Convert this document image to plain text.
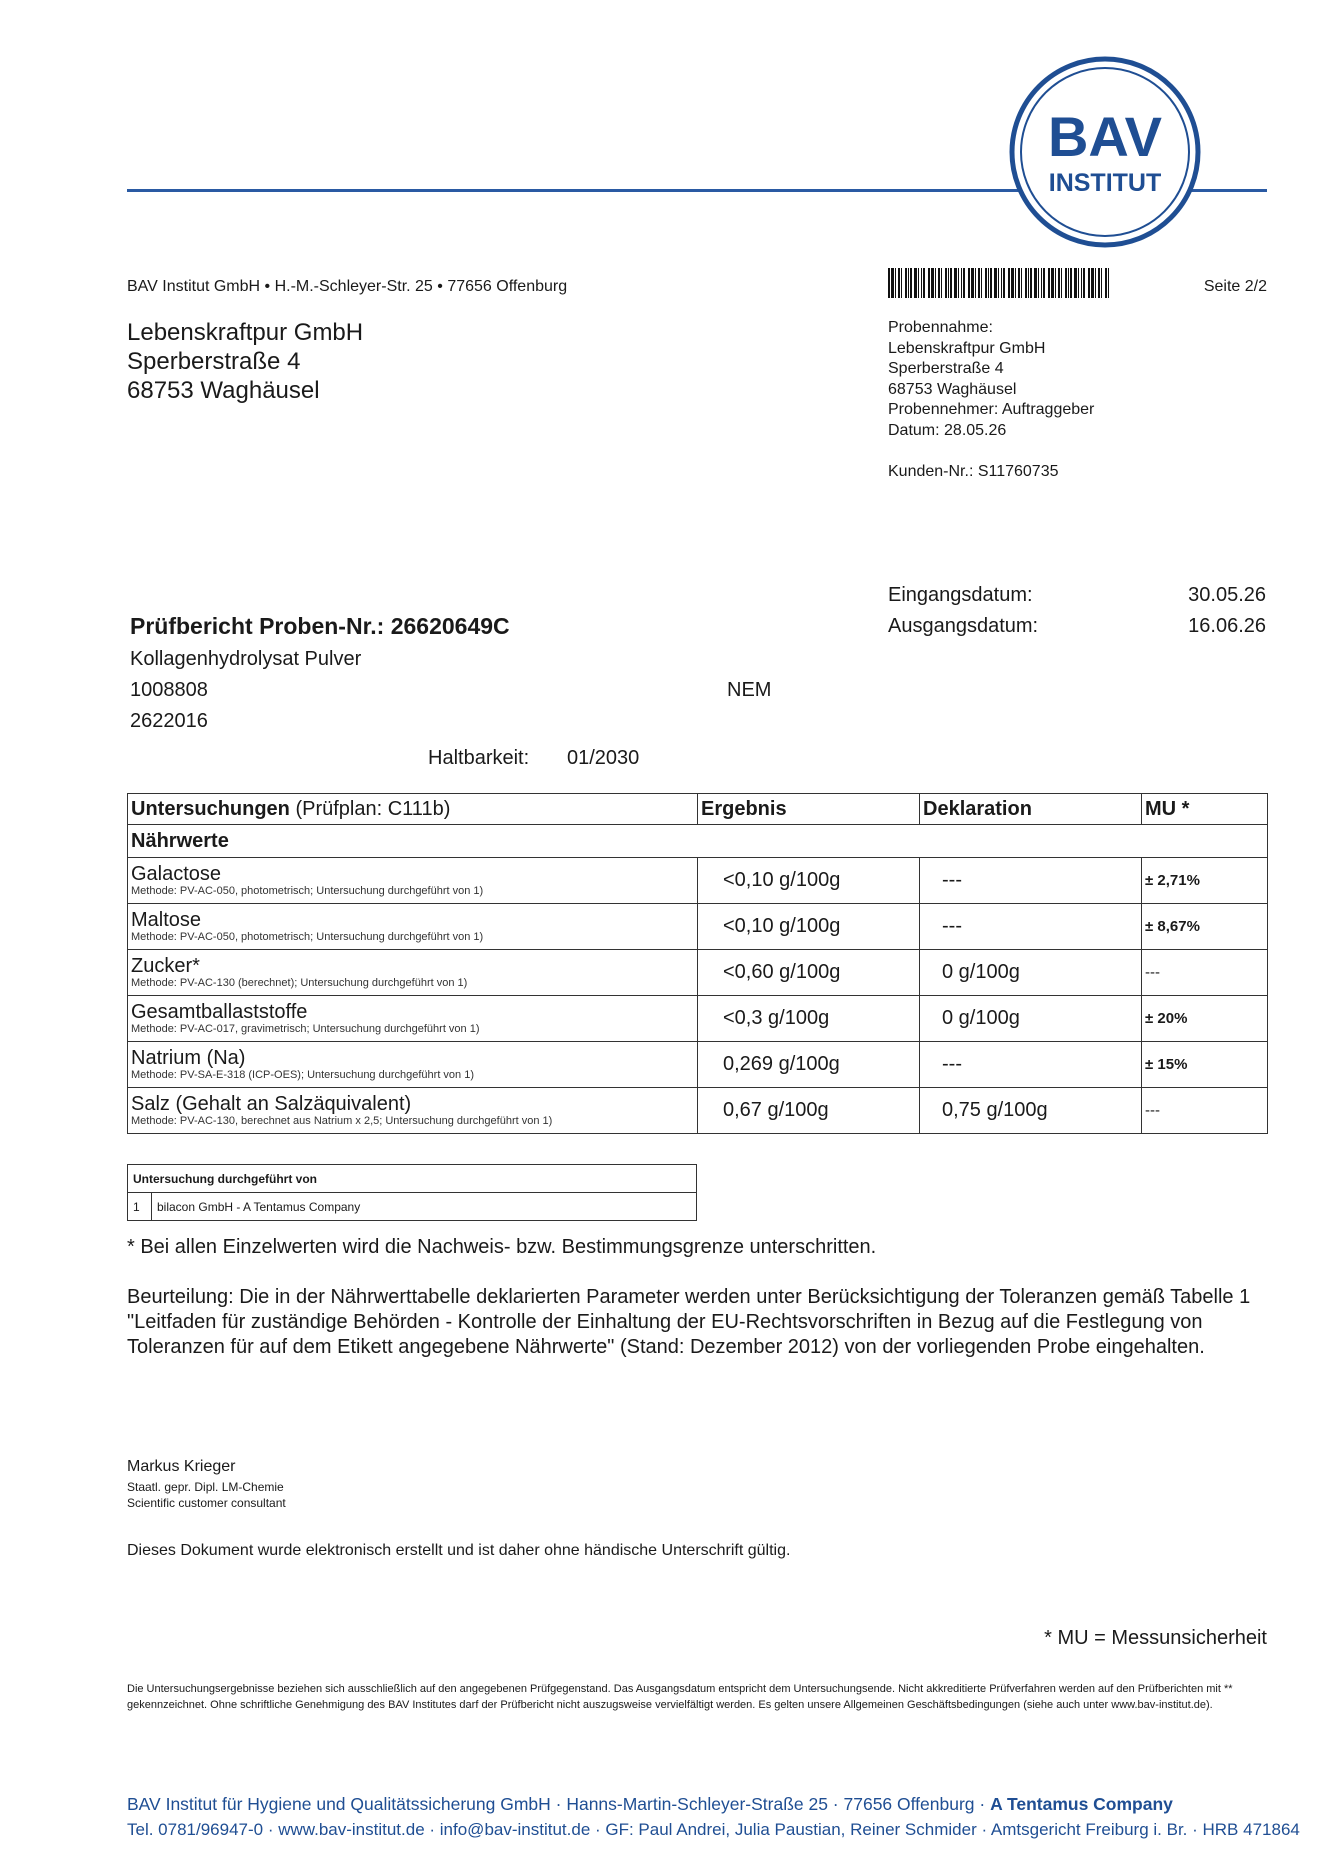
BAV
INSTITUT
BAV Institut GmbH • H.-M.-Schleyer-Str. 25 • 77656 Offenburg	Seite 2/2
Lebenskraftpur GmbH
Sperberstraße 4
68753 Waghäusel
Probennahme:
Lebenskraftpur GmbH
Sperberstraße 4
68753 Waghäusel
Probennehmer: Auftraggeber
Datum: 28.05.26
Kunden-Nr.: S11760735
Eingangsdatum:	30.05.26
Ausgangsdatum:	16.06.26
Prüfbericht Proben-Nr.: 26620649C
Kollagenhydrolysat Pulver
1008808	NEM
2622016
Haltbarkeit: 01/2030
Untersuchungen (Prüfplan: C111b)	Ergebnis	Deklaration	MU *
Nährwerte			

Galactose
Methode: PV-AC-050, photometrisch; Untersuchung durchgeführt von 1)	<0,10 g/100g	---	± 2,71%

Maltose
Methode: PV-AC-050, photometrisch; Untersuchung durchgeführt von 1)	<0,10 g/100g	---	± 8,67%

Zucker*
Methode: PV-AC-130 (berechnet); Untersuchung durchgeführt von 1)	<0,60 g/100g	0 g/100g	---

Gesamtballaststoffe
Methode: PV-AC-017, gravimetrisch; Untersuchung durchgeführt von 1)	<0,3 g/100g	0 g/100g	± 20%

Natrium (Na)
Methode: PV-SA-E-318 (ICP-OES); Untersuchung durchgeführt von 1)	0,269 g/100g	---	± 15%

Salz (Gehalt an Salzäquivalent)
Methode: PV-AC-130, berechnet aus Natrium x 2,5; Untersuchung durchgeführt von 1)	0,67 g/100g	0,75 g/100g	---
Untersuchung durchgeführt von
1	bilacon GmbH - A Tentamus Company
* Bei allen Einzelwerten wird die Nachweis- bzw. Bestimmungsgrenze unterschritten.
Beurteilung: Die in der Nährwerttabelle deklarierten Parameter werden unter Berücksichtigung der Toleranzen gemäß Tabelle 1 "Leitfaden für zuständige Behörden - Kontrolle der Einhaltung der EU-Rechtsvorschriften in Bezug auf die Festlegung von Toleranzen für auf dem Etikett angegebene Nährwerte" (Stand: Dezember 2012) von der vorliegenden Probe eingehalten.
Markus Krieger
Staatl. gepr. Dipl. LM-Chemie
Scientific customer consultant
Dieses Dokument wurde elektronisch erstellt und ist daher ohne händische Unterschrift gültig.
* MU = Messunsicherheit
Die Untersuchungsergebnisse beziehen sich ausschließlich auf den angegebenen Prüfgegenstand. Das Ausgangsdatum entspricht dem Untersuchungsende. Nicht akkreditierte Prüfverfahren werden auf den Prüfberichten mit ** gekennzeichnet. Ohne schriftliche Genehmigung des BAV Institutes darf der Prüfbericht nicht auszugsweise vervielfältigt werden. Es gelten unsere Allgemeinen Geschäftsbedingungen (siehe auch unter www.bav-institut.de).
BAV Institut für Hygiene und Qualitätssicherung GmbH · Hanns-Martin-Schleyer-Straße 25 · 77656 Offenburg · A Tentamus Company
Tel. 0781/96947-0 · www.bav-institut.de · info@bav-institut.de · GF: Paul Andrei, Julia Paustian, Reiner Schmider · Amtsgericht Freiburg i. Br. · HRB 471864
